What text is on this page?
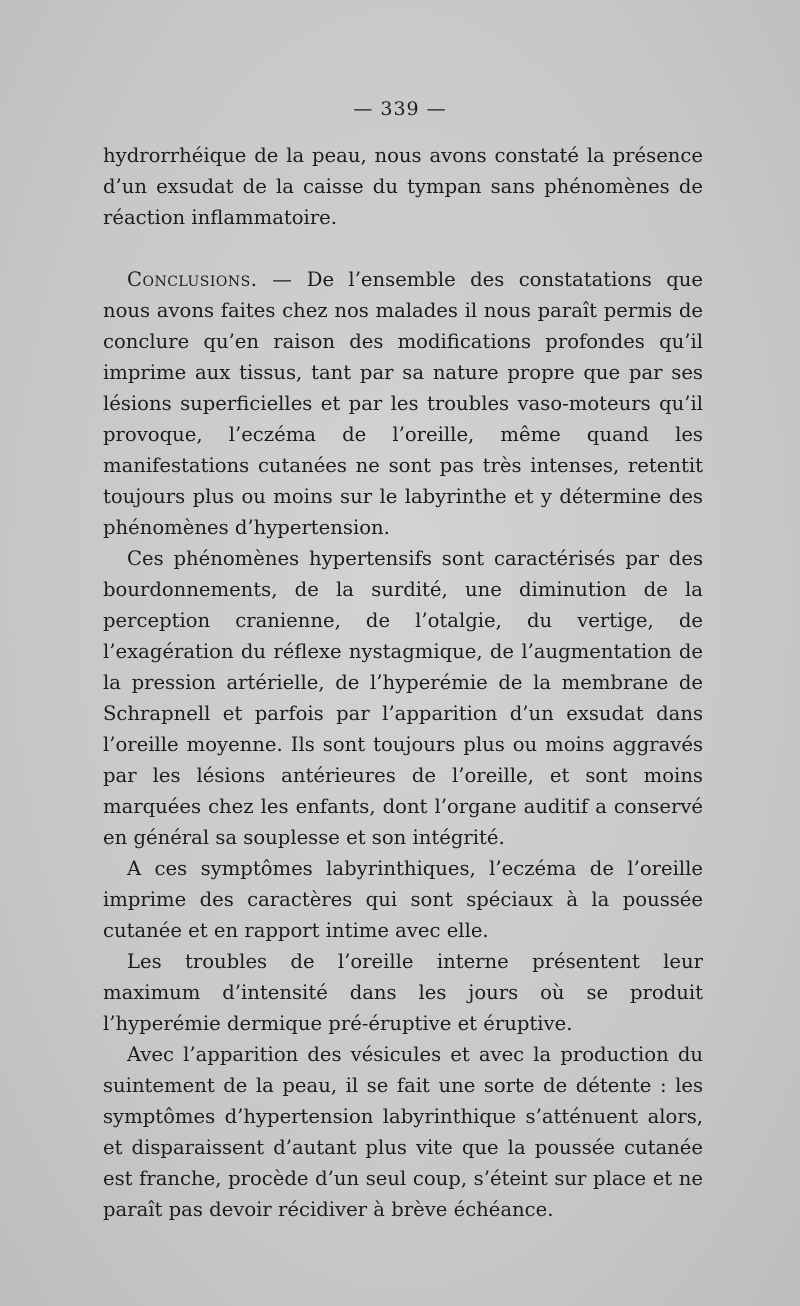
— 339 —

hydrorrhéique de la peau, nous avons constaté la présence d’un exsudat de la caisse du tympan sans phénomènes de réaction inflammatoire.

Conclusions. — De l’ensemble des constatations que nous avons faites chez nos malades il nous paraît permis de conclure qu’en raison des modifications profondes qu’il imprime aux tissus, tant par sa nature propre que par ses lésions superficielles et par les troubles vaso-moteurs qu’il provoque, l’eczéma de l’oreille, même quand les manifestations cutanées ne sont pas très intenses, retentit toujours plus ou moins sur le labyrinthe et y détermine des phénomènes d’hypertension.

Ces phénomènes hypertensifs sont caractérisés par des bourdonnements, de la surdité, une diminution de la perception cranienne, de l’otalgie, du vertige, de l’exagération du réflexe nystagmique, de l’augmentation de la pression artérielle, de l’hyperémie de la membrane de Schrapnell et parfois par l’apparition d’un exsudat dans l’oreille moyenne. Ils sont toujours plus ou moins aggravés par les lésions antérieures de l’oreille, et sont moins marquées chez les enfants, dont l’organe auditif a conservé en général sa souplesse et son intégrité.

A ces symptômes labyrinthiques, l’eczéma de l’oreille imprime des caractères qui sont spéciaux à la poussée cutanée et en rapport intime avec elle.

Les troubles de l’oreille interne présentent leur maximum d’intensité dans les jours où se produit l’hyperémie dermique pré-éruptive et éruptive.

Avec l’apparition des vésicules et avec la production du suintement de la peau, il se fait une sorte de détente : les symptômes d’hypertension labyrinthique s’atténuent alors, et disparaissent d’autant plus vite que la poussée cutanée est franche, procède d’un seul coup, s’éteint sur place et ne paraît pas devoir récidiver à brève échéance.
